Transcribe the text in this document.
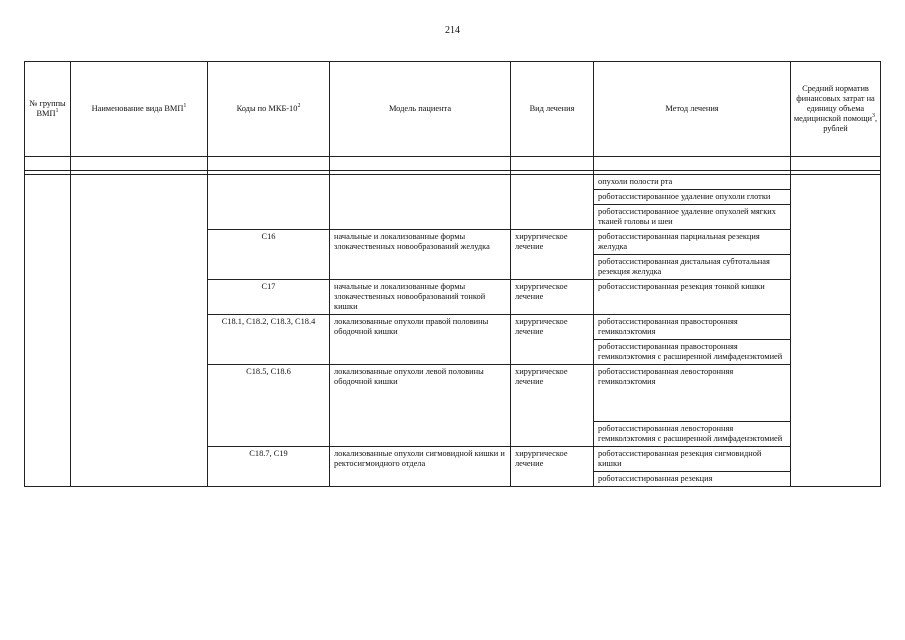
214
№ группы ВМП$^1$	Наименование вида ВМП$^1$	Коды по МКБ-$10^2$	Модель пациента	Вид лечения	Метод лечения	Средний норматив финансовых затрат на единицу объема медицинской помощи$^3$, рублей

					опухоли полости рта	
					роботассистированное удаление опухоли глотки	
					роботассистированное удаление опухолей мягких тканей головы и шеи	
		C16	начальные и локализованные формы злокачественных новообразований желудка	хирургическое лечение	роботассистированная парциальная резекция желудка	
					роботассистированная дистальная субтотальная резекция желудка	
		C17	начальные и локализованные формы злокачественных новообразований тонкой кишки	хирургическое лечение	роботассистированная резекция тонкой кишки	
		C18.1, C18.2, C18.3, C18.4	локализованные опухоли правой половины ободочной кишки	хирургическое лечение	роботассистированная правосторонняя гемиколэктомия	
					роботассистированная правосторонняя гемиколэктомия с расширенной лимфаденэктомией	
		C18.5, C18.6	локализованные опухоли левой половины ободочной кишки	хирургическое лечение	роботассистированная левосторонняя гемиколэктомия	
					роботассистированная левосторонняя гемиколэктомия с расширенной лимфаденэктомией	
		C18.7, C19	локализованные опухоли сигмовидной кишки и ректосигмоидного отдела	хирургическое лечение	роботассистированная резекция сигмовидной кишки	
					роботассистированная резекция	
